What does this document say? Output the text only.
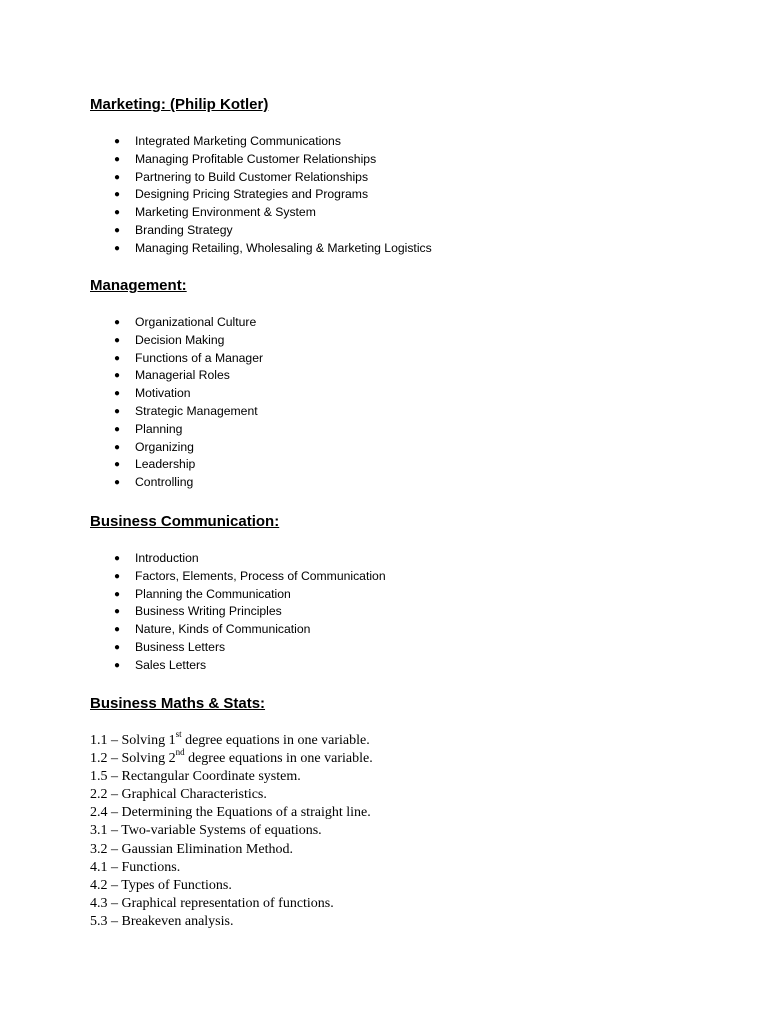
Marketing: (Philip Kotler)
● Integrated Marketing Communications
● Managing Profitable Customer Relationships
● Partnering to Build Customer Relationships
● Designing Pricing Strategies and Programs
● Marketing Environment & System
● Branding Strategy
● Managing Retailing, Wholesaling & Marketing Logistics
Management:
● Organizational Culture
● Decision Making
● Functions of a Manager
● Managerial Roles
● Motivation
● Strategic Management
● Planning
● Organizing
● Leadership
● Controlling
Business Communication:
● Introduction
● Factors, Elements, Process of Communication
● Planning the Communication
● Business Writing Principles
● Nature, Kinds of Communication
● Business Letters
● Sales Letters
Business Maths & Stats:
1.1 – Solving 1st degree equations in one variable.
1.2 – Solving 2nd degree equations in one variable.
1.5 – Rectangular Coordinate system.
2.2 – Graphical Characteristics.
2.4 – Determining the Equations of a straight line.
3.1 – Two-variable Systems of equations.
3.2 – Gaussian Elimination Method.
4.1 – Functions.
4.2 – Types of Functions.
4.3 – Graphical representation of functions.
5.3 – Breakeven analysis.
